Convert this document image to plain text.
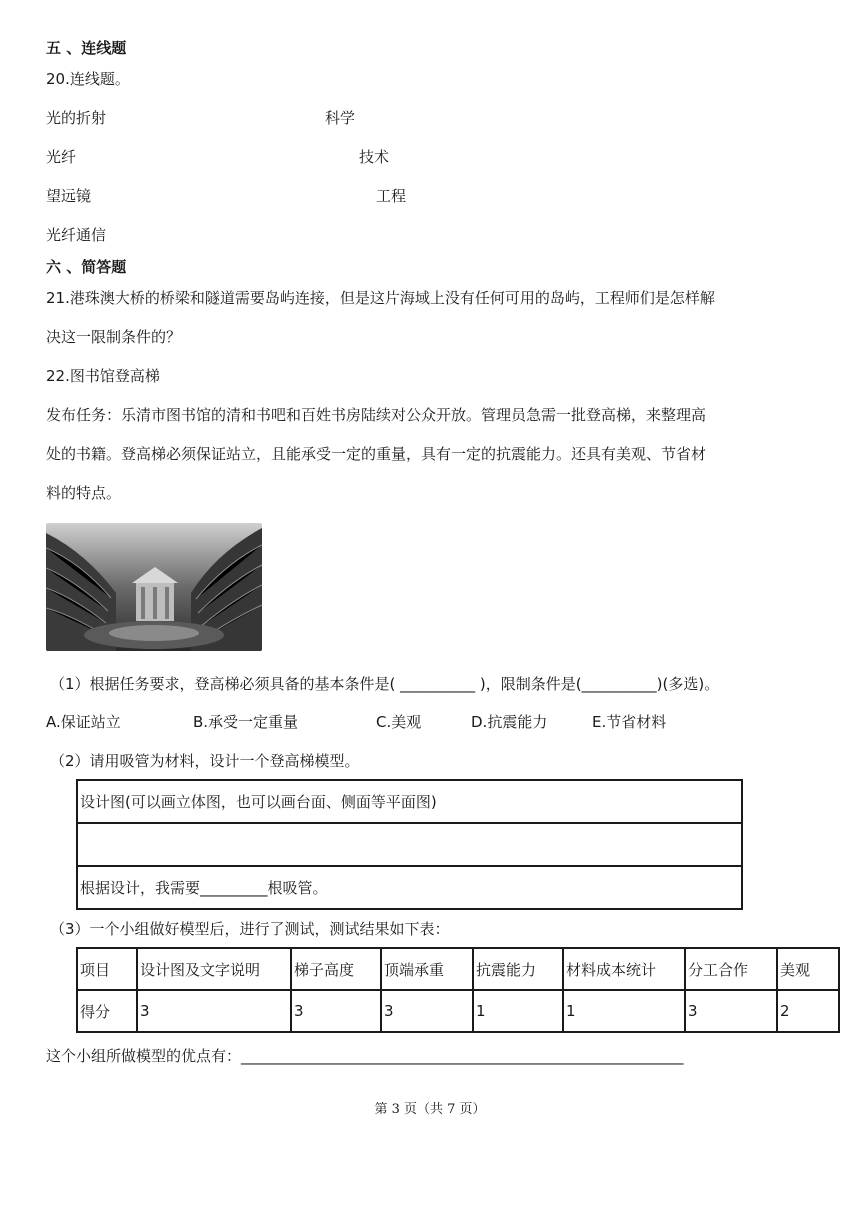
五 、连线题
20.连线题。
光的折射
光纤
望远镜
光纤通信
科学
技术
工程
六 、简答题
21.港珠澳大桥的桥梁和隧道需要岛屿连接，但是这片海域上没有任何可用的岛屿，工程师们是怎样解
决这一限制条件的？
22.图书馆登高梯
发布任务：乐清市图书馆的清和书吧和百姓书房陆续对公众开放。管理员急需一批登高梯，来整理高
处的书籍。登高梯必须保证站立，且能承受一定的重量，具有一定的抗震能力。还具有美观、节省材
料的特点。
（1）根据任务要求，登高梯必须具备的基本条件是( __________ )，限制条件是(__________)(多选)。
A.保证站立	B.承受一定重量	C.美观	D.抗震能力	E.节省材料
（2）请用吸管为材料，设计一个登高梯模型。
设计图(可以画立体图，也可以画台面、侧面等平面图)

根据设计，我需要_________根吸管。
（3）一个小组做好模型后，进行了测试，测试结果如下表：
项目	设计图及文字说明	梯子高度	顶端承重	抗震能力	材料成本统计	分工合作	美观
得分	3	3	3	1	1	3	2
这个小组所做模型的优点有：___________________________________________________________
第 3 页（共 7 页）
